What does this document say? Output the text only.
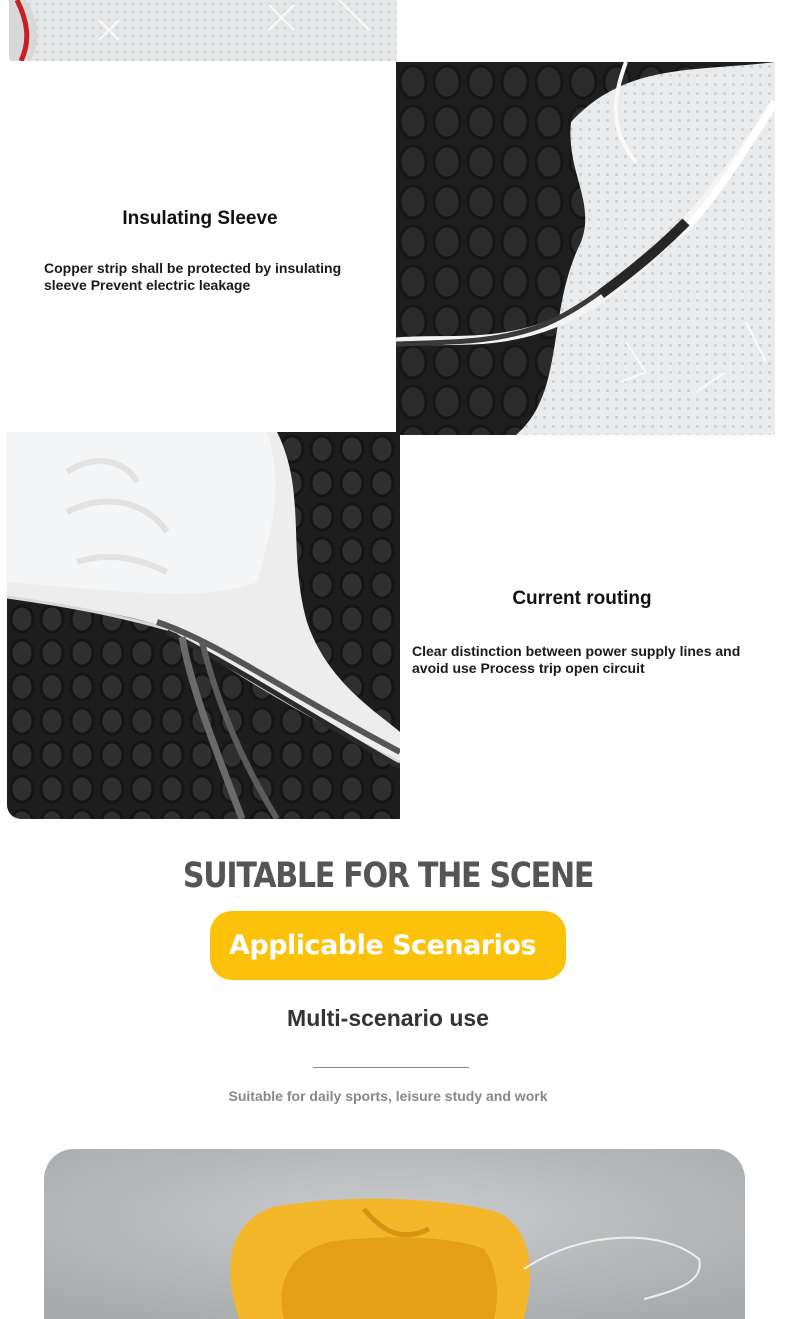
Insulating Sleeve
Copper strip shall be protected by insulating sleeve Prevent electric leakage
Current routing
Clear distinction between power supply lines and avoid use Process trip open circuit
SUITABLE FOR THE SCENE
Applicable Scenarios
Multi-scenario use
Suitable for daily sports, leisure study and work
